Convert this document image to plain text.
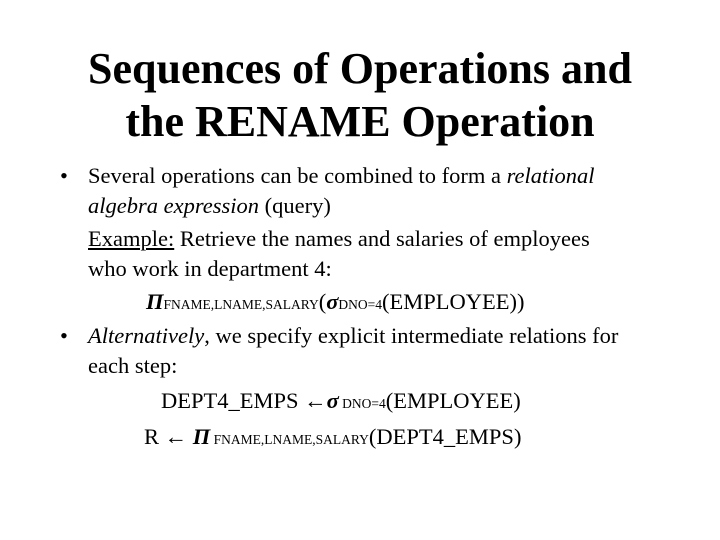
Sequences of Operations and
the RENAME Operation
• Several operations can be combined to form a relational
algebra expression (query)
Example: Retrieve the names and salaries of employees
who work in department 4:
ΠFNAME,LNAME,SALARY(σDNO=4(EMPLOYEE))
• Alternatively, we specify explicit intermediate relations for
each step:
DEPT4_EMPS ←σ DNO=4(EMPLOYEE)
R ← Π FNAME,LNAME,SALARY(DEPT4_EMPS)
